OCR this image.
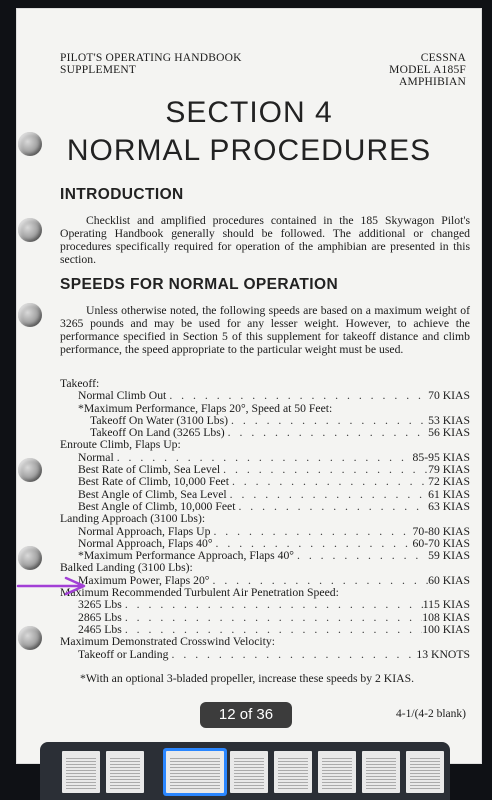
PILOT'S OPERATING HANDBOOK
SUPPLEMENT
CESSNA
MODEL A185F
AMPHIBIAN
SECTION 4
NORMAL PROCEDURES
INTRODUCTION
Checklist and amplified procedures contained in the 185 Skywagon Pilot's Operating Handbook generally should be followed. The additional or changed procedures specifically required for operation of the amphibian are presented in this section.
SPEEDS FOR NORMAL OPERATION
Unless otherwise noted, the following speeds are based on a maximum weight of 3265 pounds and may be used for any lesser weight. However, to achieve the performance specified in Section 5 of this supplement for takeoff distance and climb performance, the speed appropriate to the particular weight must be used.
Takeoff:
Normal Climb Out . . .	70 KIAS
*Maximum Performance, Flaps 20°, Speed at 50 Feet:
Takeoff On Water (3100 Lbs) . . .	53 KIAS
Takeoff On Land (3265 Lbs) . . .	56 KIAS
Enroute Climb, Flaps Up:
Normal . . .	85-95 KIAS
Best Rate of Climb, Sea Level . . .	79 KIAS
Best Rate of Climb, 10,000 Feet . . .	72 KIAS
Best Angle of Climb, Sea Level . . .	61 KIAS
Best Angle of Climb, 10,000 Feet . . .	63 KIAS
Landing Approach (3100 Lbs):
Normal Approach, Flaps Up . . .	70-80 KIAS
Normal Approach, Flaps 40° . . .	60-70 KIAS
*Maximum Performance Approach, Flaps 40° . . .	59 KIAS
Balked Landing (3100 Lbs):
Maximum Power, Flaps 20° . . .	60 KIAS
Maximum Recommended Turbulent Air Penetration Speed:
3265 Lbs . . .	115 KIAS
2865 Lbs . . .	108 KIAS
2465 Lbs . . .	100 KIAS
Maximum Demonstrated Crosswind Velocity:
Takeoff or Landing . . .	13 KNOTS
*With an optional 3-bladed propeller, increase these speeds by 2 KIAS.
4-1/(4-2 blank)
12 of 36
